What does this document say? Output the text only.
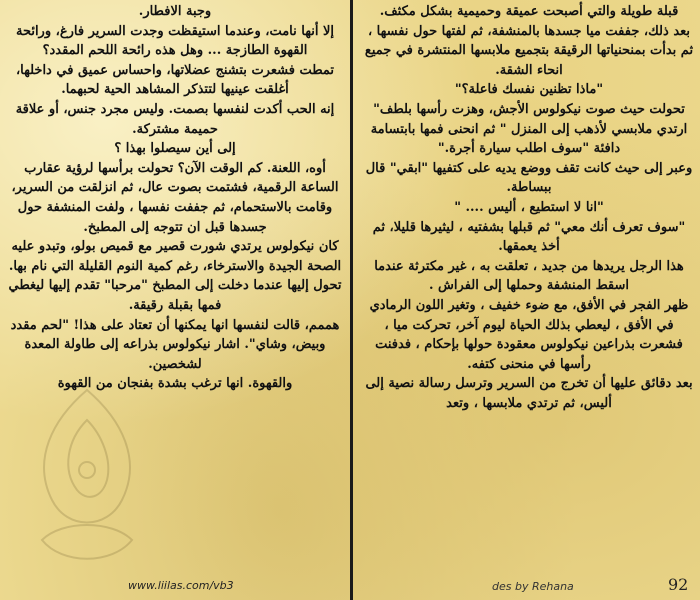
قبلة طويلة والتي أصبحت عميقة وحميمية بشكل مكثف.

بعد ذلك، جففت ميا جسدها بالمنشفة، ثم لفتها حول نفسها ، ثم بدأت بمنحنياتها الرقيقة بتجميع ملابسها المنتشرة في جميع انحاء الشقة.

"ماذا تظنين نفسك فاعلة؟"

تحولت حيث صوت نيكولوس الأجش، وهزت رأسها بلطف" ارتدي ملابسي لأذهب إلى المنزل " ثم انحنى فمها بابتسامة دافئة "سوف اطلب سيارة أجرة."

وعبر إلى حيث كانت تقف ووضع يديه على كتفيها "ابقي" قال ببساطة.

"انا لا استطيع ، أليس .... "

"سوف تعرف أنك معي" ثم قبلها بشفتيه ، ليثيرها قليلا، ثم أخذ يعمقها.

هذا الرجل يريدها من جديد ، تعلقت به ، غير مكترثة عندما اسقط المنشفة وحملها إلى الفراش .

ظهر الفجر في الأفق، مع ضوء خفيف ، وتغير اللون الرمادي في الأفق ، ليعطي بذلك الحياة ليوم آخر، تحركت ميا ، فشعرت بذراعين نيكولوس معقودة حولها بإحكام ، فدفنت رأسها في منحنى كتفه.

بعد دقائق عليها أن تخرج من السرير وترسل رسالة نصية إلى أليس، ثم ترتدي ملابسها ، وتعد

وجبة الافطار.

إلا أنها نامت، وعندما استيقظت وجدت السرير فارغ، ورائحة القهوة الطازجة ... وهل هذه رائحة اللحم المقدد؟

تمطت فشعرت بتشنج عضلاتها، واحساس عميق في داخلها، أغلقت عينيها لتتذكر المشاهد الحية لحبهما.

إنه الحب أكدت لنفسها بصمت. وليس مجرد جنس، أو علاقة حميمة مشتركة.

إلى أين سيصلوا بهذا ؟

أوه، اللعنة. كم الوقت الآن؟ تحولت برأسها لرؤية عقارب الساعة الرقمية، فشتمت بصوت عال، ثم انزلقت من السرير، وقامت بالاستحمام، ثم جففت نفسها ، ولفت المنشفة حول جسدها قبل ان تتوجه إلى المطبخ.

كان نيكولوس يرتدي شورت قصير مع قميص بولو، وتبدو عليه الصحة الجيدة والاسترخاء، رغم كمية النوم القليلة التي نام بها.

تحول إليها عندما دخلت إلى المطبخ "مرحبا" تقدم إليها ليغطي فمها بقبلة رقيقة.

هممم، قالت لنفسها انها يمكنها أن تعتاد على هذا! "لحم مقدد وبيض، وشاي". اشار نيكولوس بذراعه إلى طاولة المعدة لشخصين.

والقهوة. انها ترغب بشدة بفنجان من القهوة

www.liilas.com/vb3	des by Rehana	92
